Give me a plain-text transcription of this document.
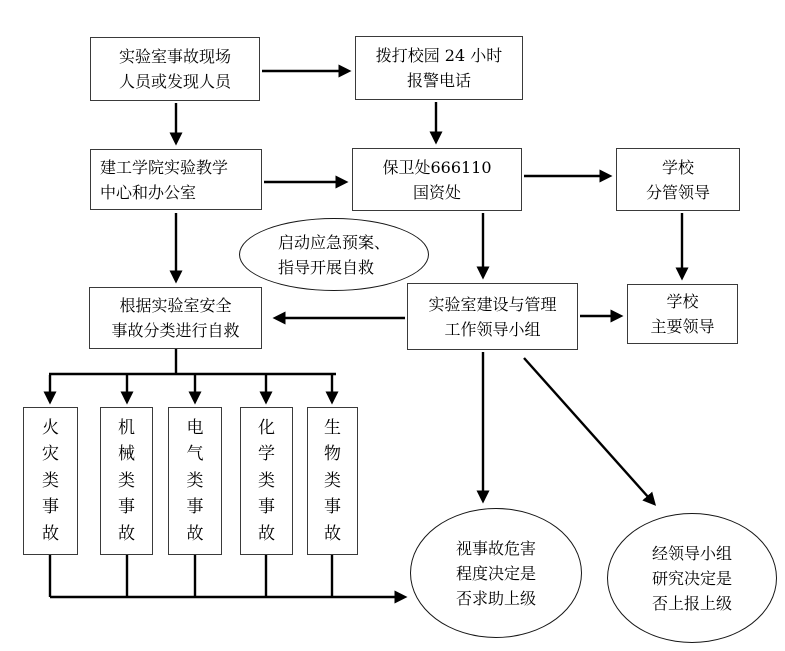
实验室事故现场
人员或发现人员
拨打校园 24 小时
报警电话
建工学院实验教学
中心和办公室
保卫处666110
国资处
学校
分管领导
启动应急预案、
指导开展自救
根据实验室安全
事故分类进行自救
实验室建设与管理
工作领导小组
学校
主要领导
火灾类事故
机械类事故
电气类事故
化学类事故
生物类事故
视事故危害
程度决定是
否求助上级
经领导小组
研究决定是
否上报上级
